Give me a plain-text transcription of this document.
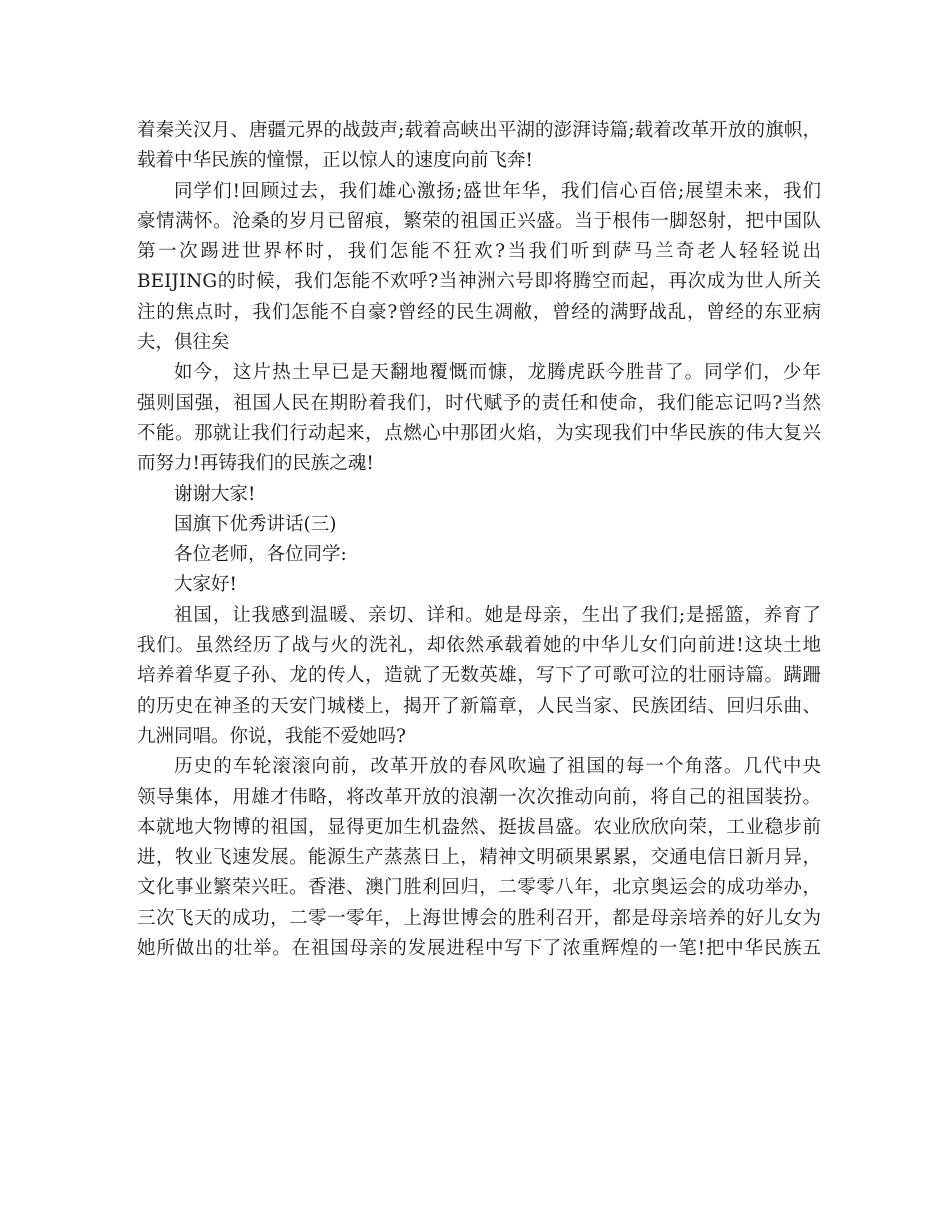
着秦关汉月、唐疆元界的战鼓声;载着高峡出平湖的澎湃诗篇;载着改革开放的旗帜，
载着中华民族的憧憬，正以惊人的速度向前飞奔!
同学们!回顾过去，我们雄心激扬;盛世年华，我们信心百倍;展望未来，我们
豪情满怀。沧桑的岁月已留痕，繁荣的祖国正兴盛。当于根伟一脚怒射，把中国队
第一次踢进世界杯时，我们怎能不狂欢?当我们听到萨马兰奇老人轻轻说出
BEIJING的时候，我们怎能不欢呼?当神洲六号即将腾空而起，再次成为世人所关
注的焦点时，我们怎能不自豪?曾经的民生凋敝，曾经的满野战乱，曾经的东亚病
夫，俱往矣
如今，这片热土早已是天翻地覆慨而慷，龙腾虎跃今胜昔了。同学们，少年
强则国强，祖国人民在期盼着我们，时代赋予的责任和使命，我们能忘记吗?当然
不能。那就让我们行动起来，点燃心中那团火焰，为实现我们中华民族的伟大复兴
而努力!再铸我们的民族之魂!
谢谢大家!
国旗下优秀讲话(三)
各位老师，各位同学:
大家好!
祖国，让我感到温暖、亲切、详和。她是母亲，生出了我们;是摇篮，养育了
我们。虽然经历了战与火的洗礼，却依然承载着她的中华儿女们向前进!这块土地
培养着华夏子孙、龙的传人，造就了无数英雄，写下了可歌可泣的壮丽诗篇。蹒跚
的历史在神圣的天安门城楼上，揭开了新篇章，人民当家、民族团结、回归乐曲、
九洲同唱。你说，我能不爱她吗?
历史的车轮滚滚向前，改革开放的春风吹遍了祖国的每一个角落。几代中央
领导集体，用雄才伟略，将改革开放的浪潮一次次推动向前，将自己的祖国装扮。
本就地大物博的祖国，显得更加生机盎然、挺拔昌盛。农业欣欣向荣，工业稳步前
进，牧业飞速发展。能源生产蒸蒸日上，精神文明硕果累累，交通电信日新月异，
文化事业繁荣兴旺。香港、澳门胜利回归，二零零八年，北京奥运会的成功举办，
三次飞天的成功，二零一零年，上海世博会的胜利召开，都是母亲培养的好儿女为
她所做出的壮举。在祖国母亲的发展进程中写下了浓重辉煌的一笔!把中华民族五
